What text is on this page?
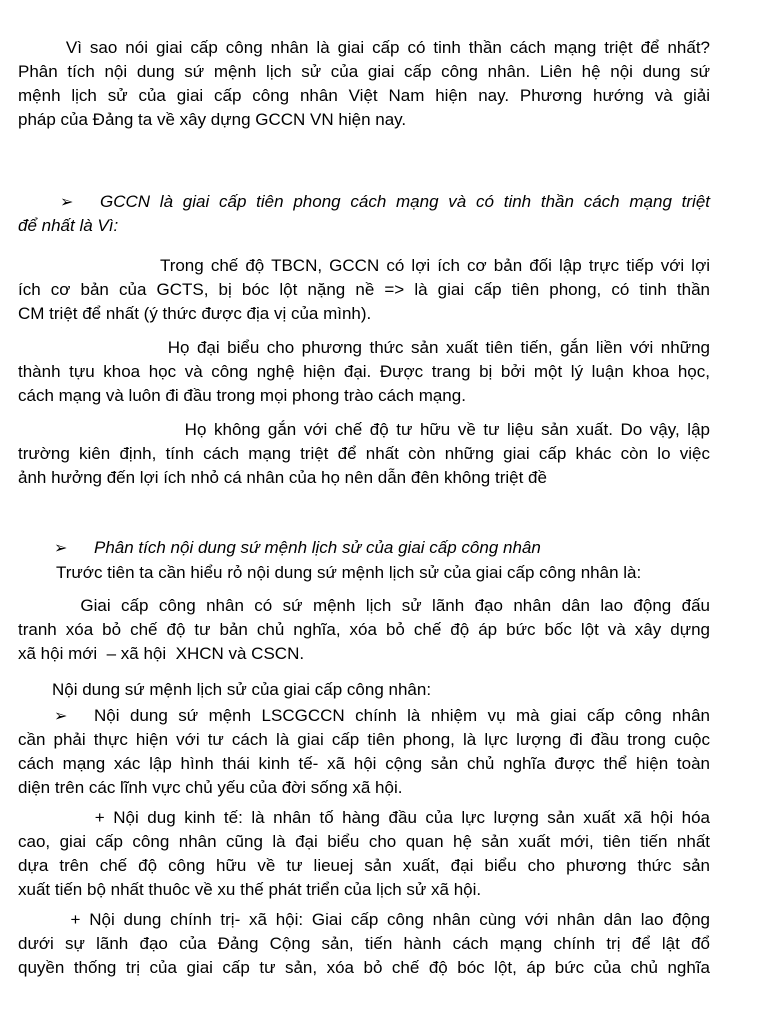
Vì sao nói giai cấp công nhân là giai cấp có tinh thần cách mạng triệt để nhất?
Phân tích nội dung sứ mệnh lịch sử của giai cấp công nhân. Liên hệ nội dung sứ
mệnh lịch sử của giai cấp công nhân Việt Nam hiện nay. Phương hướng và giải
pháp của Đảng ta về xây dựng GCCN VN hiện nay.
➢ GCCN là giai cấp tiên phong cách mạng và có tinh thần cách mạng triệt
để nhất là Vì:
Trong chế độ TBCN, GCCN có lợi ích cơ bản đối lập trực tiếp với lợi
ích cơ bản của GCTS, bị bóc lột nặng nề => là giai cấp tiên phong, có tinh thần
CM triệt để nhất (ý thức được địa vị của mình).
Họ đại biểu cho phương thức sản xuất tiên tiến, gắn liền với những
thành tựu khoa học và công nghệ hiện đại. Được trang bị bởi một lý luận khoa học,
cách mạng và luôn đi đầu trong mọi phong trào cách mạng.
Họ không gắn với chế độ tư hữu về tư liệu sản xuất. Do vậy, lập
trường kiên định, tính cách mạng triệt để nhất còn những giai cấp khác còn lo việc
ảnh hưởng đến lợi ích nhỏ cá nhân của họ nên dẫn đên không triệt đề
➢ Phân tích nội dung sứ mệnh lịch sử của giai cấp công nhân
Trước tiên ta cần hiểu rỏ nội dung sứ mệnh lịch sử của giai cấp công nhân là:
Giai cấp công nhân có sứ mệnh lịch sử lãnh đạo nhân dân lao động đấu
tranh xóa bỏ chế độ tư bản chủ nghĩa, xóa bỏ chế độ áp bức bốc lột và xây dựng
xã hội mới  – xã hội  XHCN và CSCN.
Nội dung sứ mệnh lịch sử của giai cấp công nhân:
➢ Nội dung sứ mệnh LSCGCCN chính là nhiệm vụ mà giai cấp công nhân
cần phải thực hiện với tư cách là giai cấp tiên phong, là lực lượng đi đầu trong cuộc
cách mạng xác lập hình thái kinh tế- xã hội cộng sản chủ nghĩa được thể hiện toàn
diện trên các lĩnh vực chủ yếu của đời sống xã hội.
+ Nội dug kinh tế: là nhân tố hàng đầu của lực lượng sản xuất xã hội hóa
cao, giai cấp công nhân cũng là đại biểu cho quan hệ sản xuất mới, tiên tiến nhất
dựa trên chế độ công hữu về tư lieuej sản xuất, đại biểu cho phương thức sản
xuất tiến bộ nhất thuôc về xu thế phát triển của lịch sử xã hội.
+ Nội dung chính trị- xã hội: Giai cấp công nhân cùng với nhân dân lao động
dưới sự lãnh đạo của Đảng Cộng sản, tiến hành cách mạng chính trị để lật đổ
quyền thống trị của giai cấp tư sản, xóa bỏ chế độ bóc lột, áp bức của chủ nghĩa
